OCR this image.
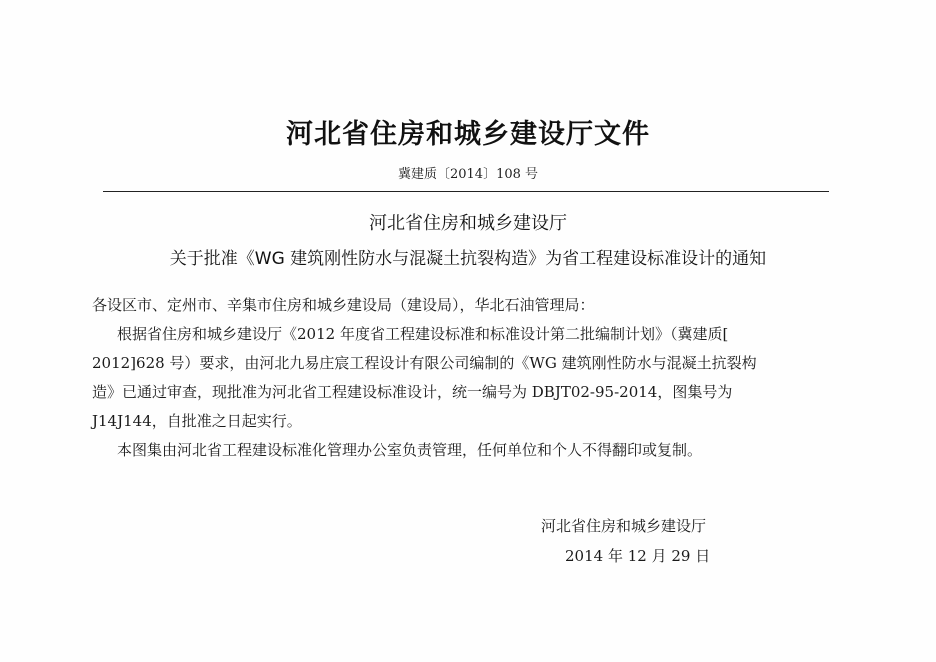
河北省住房和城乡建设厅文件
冀建质〔2014〕108 号
河北省住房和城乡建设厅
关于批准《WG 建筑刚性防水与混凝土抗裂构造》为省工程建设标准设计的通知
各设区市、定州市、辛集市住房和城乡建设局（建设局），华北石油管理局：
根据省住房和城乡建设厅《2012 年度省工程建设标准和标准设计第二批编制计划》（冀建质[
2012]628 号）要求，由河北九易庄宸工程设计有限公司编制的《WG 建筑刚性防水与混凝土抗裂构
造》已通过审查，现批准为河北省工程建设标准设计，统一编号为 DBJT02-95-2014，图集号为
J14J144，自批准之日起实行。
本图集由河北省工程建设标准化管理办公室负责管理，任何单位和个人不得翻印或复制。
河北省住房和城乡建设厅
2014 年 12 月 29 日
